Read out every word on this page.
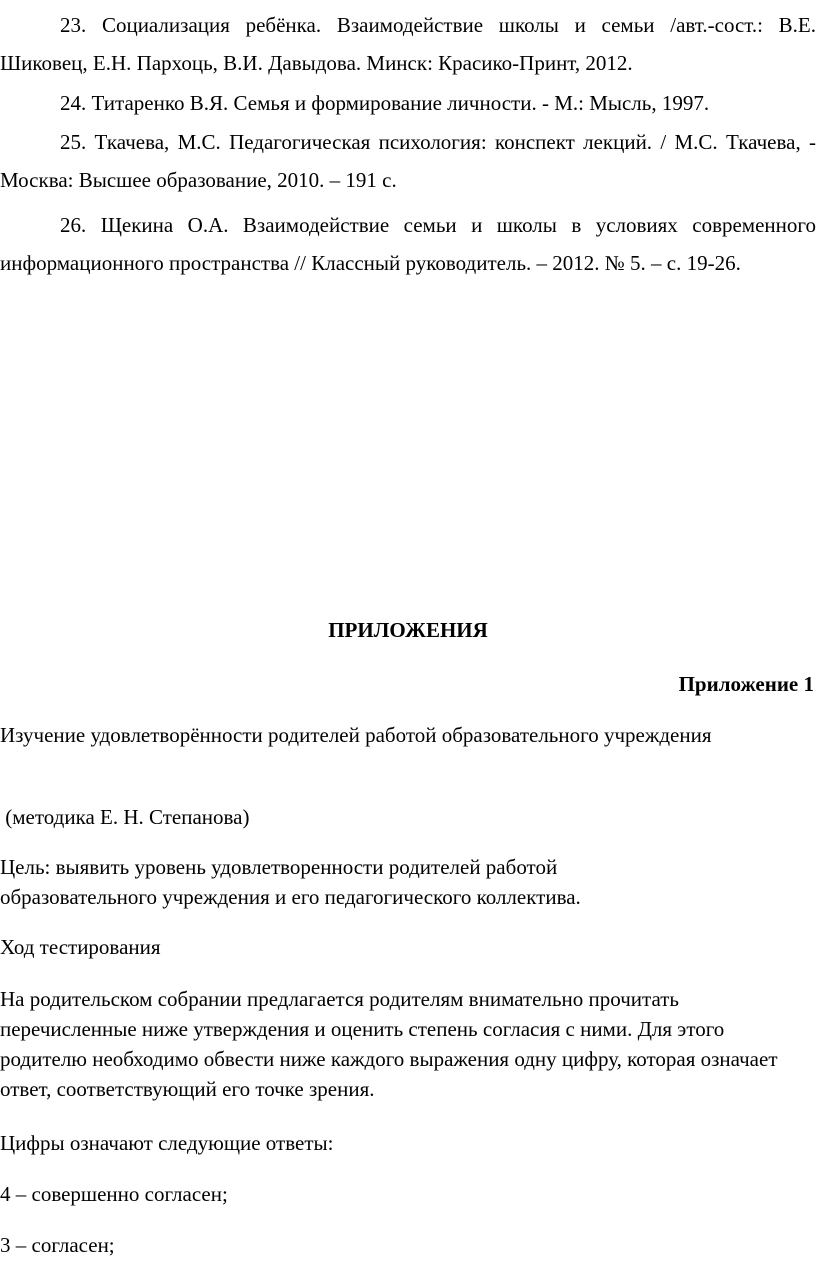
23. Социализация ребёнка. Взаимодействие школы и семьи /авт.-сост.: В.Е. Шиковец, Е.Н. Пархоць, В.И. Давыдова. Минск: Красико-Принт, 2012.

24. Титаренко В.Я. Семья и формирование личности. - М.: Мысль, 1997.

25. Ткачева, М.С. Педагогическая психология: конспект лекций. / М.С. Ткачева, - Москва: Высшее образование, 2010. – 191 с.

26. Щекина О.А. Взаимодействие семьи и школы в условиях современного информационного пространства // Классный руководитель. – 2012. № 5. – с. 19-26.

ПРИЛОЖЕНИЯ

Приложение 1

Изучение удовлетворённости родителей работой образовательного учреждения

(методика Е. Н. Степанова)

Цель: выявить уровень удовлетворенности родителей работой образовательного учреждения и его педагогического коллектива.

Ход тестирования

На родительском собрании предлагается родителям внимательно прочитать перечисленные ниже утверждения и оценить степень согласия с ними. Для этого родителю необходимо обвести ниже каждого выражения одну цифру, которая означает ответ, соответствующий его точке зрения.

Цифры означают следующие ответы:

4 – совершенно согласен;

3 – согласен;
